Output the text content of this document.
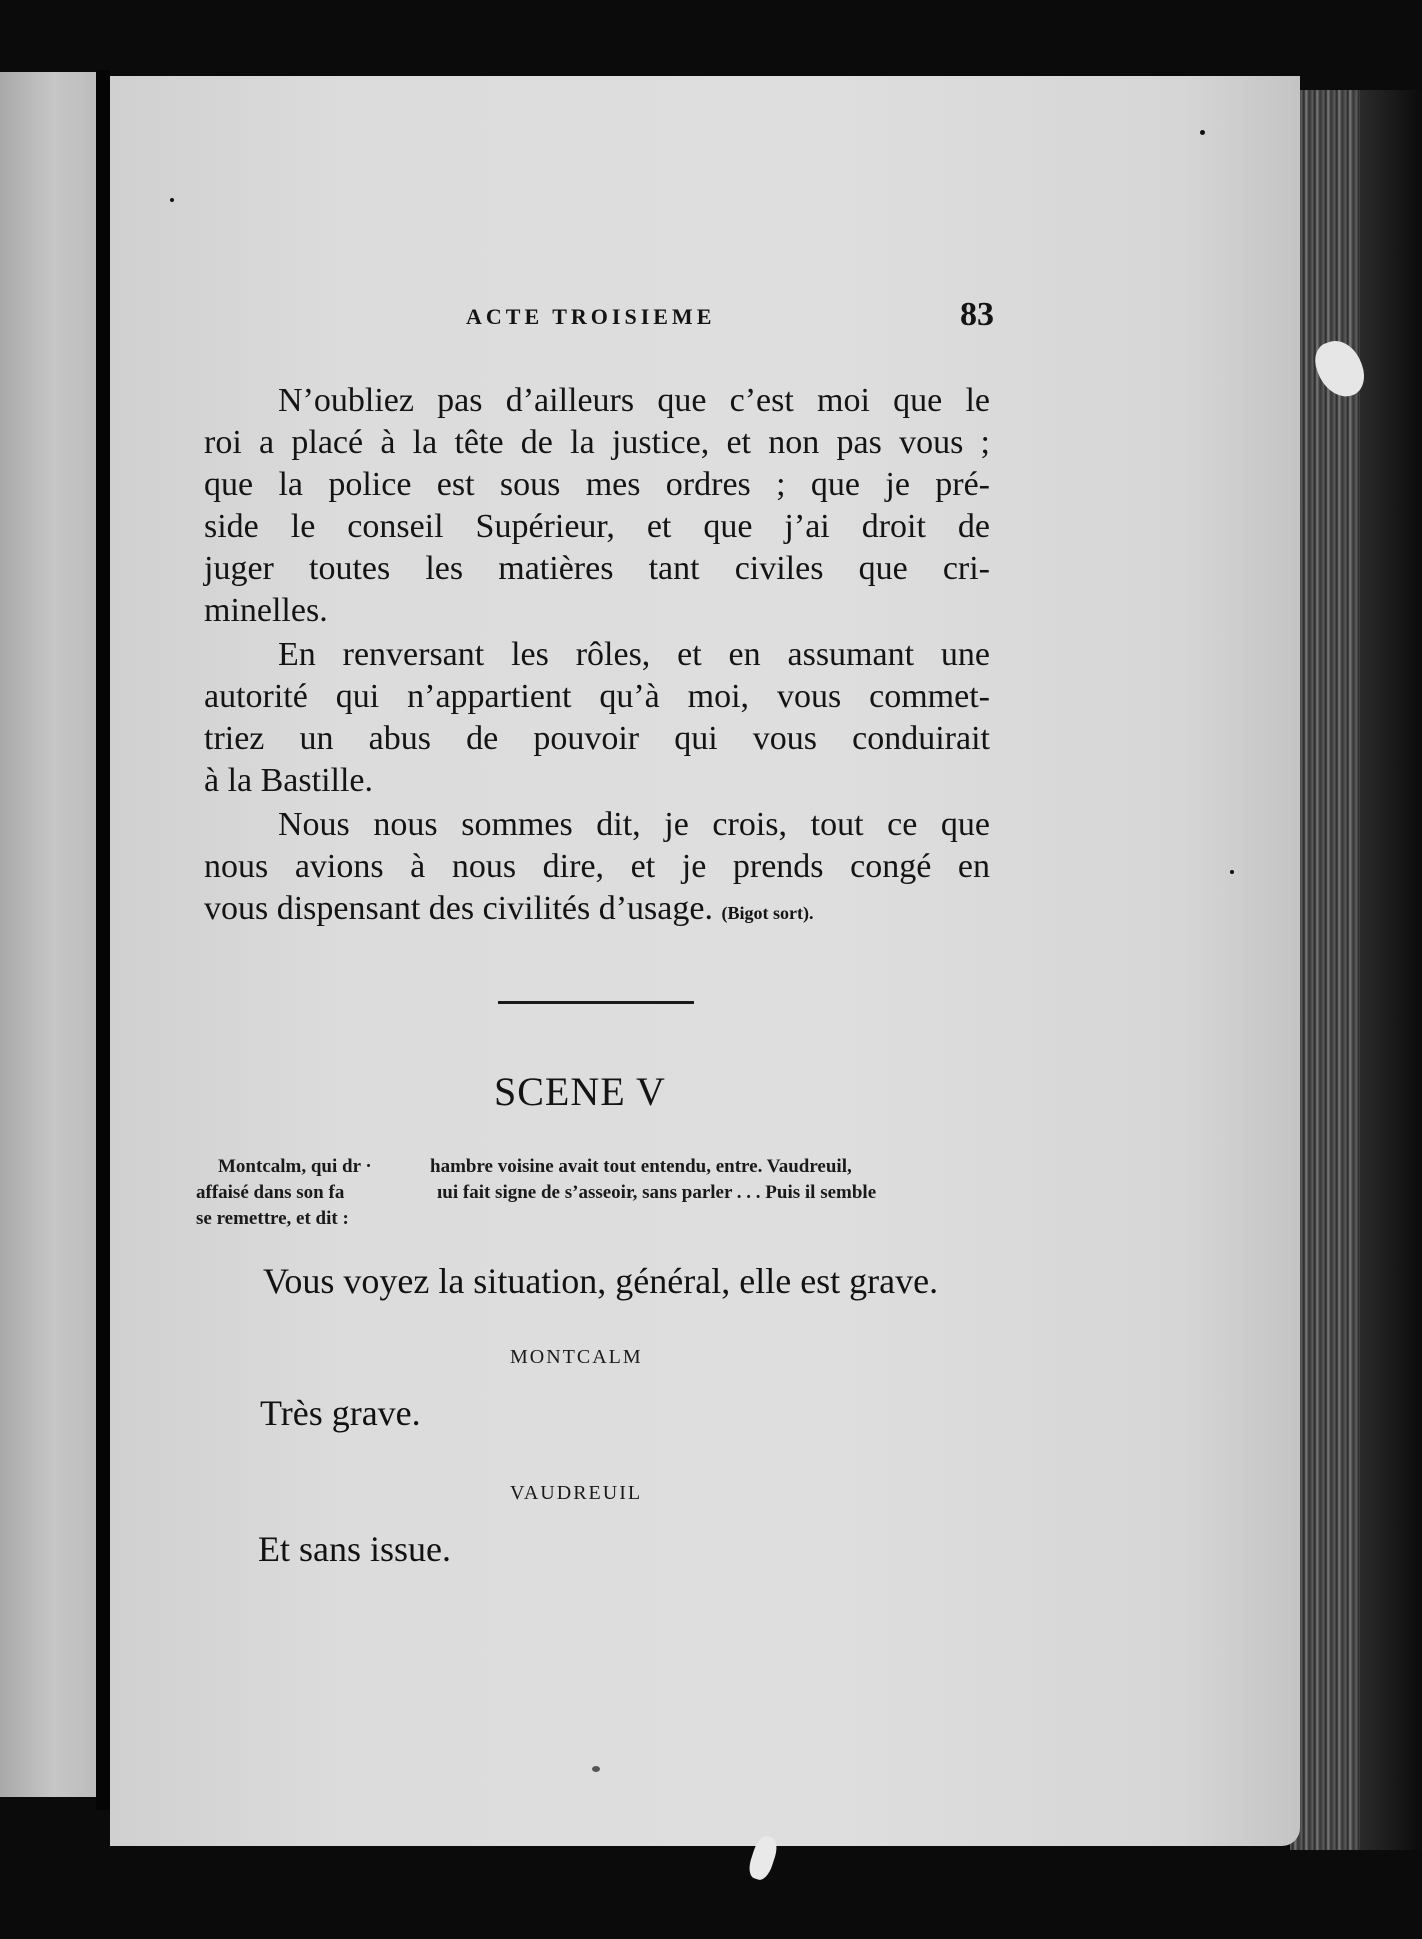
ACTE TROISIEME	83
N’oubliez pas d’ailleurs que c’est moi que le
roi a placé à la tête de la justice, et non pas vous ;
que la police est sous mes ordres ; que je pré-
side le conseil Supérieur, et que j’ai droit de
juger toutes les matières tant civiles que cri-
minelles.
En renversant les rôles, et en assumant une
autorité qui n’appartient qu’à moi, vous commet-
triez un abus de pouvoir qui vous conduirait
à la Bastille.
Nous nous sommes dit, je crois, tout ce que
nous avions à nous dire, et je prends congé en
vous dispensant des civilités d’usage. (Bigot sort).
SCENE V
Montcalm, qui dr ·	hambre voisine avait tout entendu, entre. Vaudreuil,
affaisé dans son fa	ıui fait signe de s’asseoir, sans parler . . . Puis il semble
se remettre, et dit :
Vous voyez la situation, général, elle est grave.
MONTCALM
Très grave.
VAUDREUIL
Et sans issue.
